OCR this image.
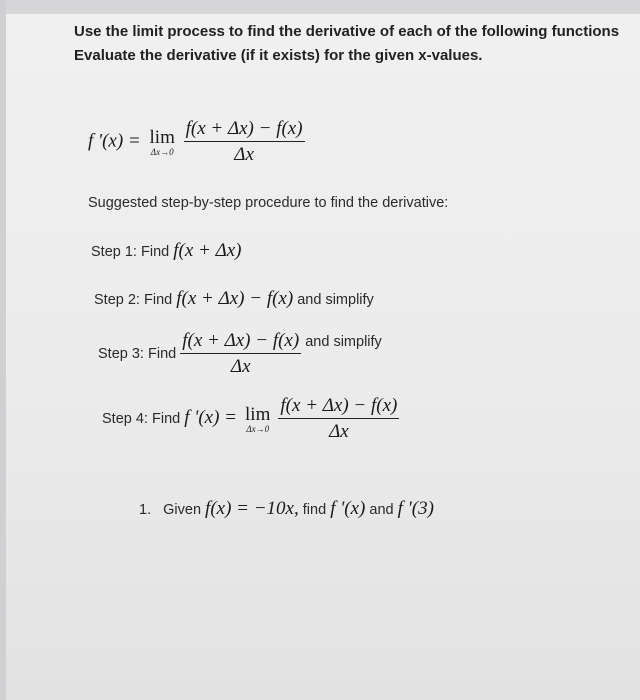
Use the limit process to find the derivative of each of the following functions
Evaluate the derivative (if it exists) for the given x-values.
f '(x) = lim
Δx→0
$\frac{f(x + \Delta x) - f(x)}{\Delta x}$
Suggested step-by-step procedure to find the derivative:
Step 1: Find f(x + Δx)
Step 2: Find f(x + Δx) − f(x) and simplify
Step 3: Find $\frac{f(x + \Delta x) - f(x)}{\Delta x}$ and simplify
Step 4: Find f '(x) = lim
Δx→0
$\frac{f(x + \Delta x) - f(x)}{\Delta x}$
1. Given f(x) = −10x, find f '(x) and f '(3)
